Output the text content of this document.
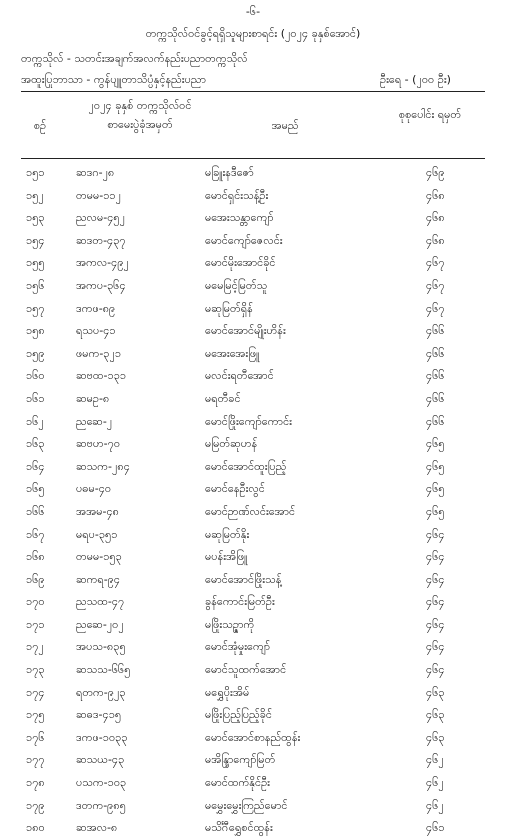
-၆-
တက္ကသိုလ်ဝင်ခွင့်ရရှိသူများစာရင်း (၂၀၂၄ ခုနှစ်အောင်)
တက္ကသိုလ် - သတင်းအချက်အလက်နည်းပညာတက္ကသိုလ်
အထူးပြုဘာသာ - ကွန်ပျူတာသိပ္ပံနှင့်နည်းပညာ	ဦးရေ - (၂၀၀ ဦး)
စဉ်
၂၀၂၄ ခုနှစ် တက္ကသိုလ်ဝင် စာမေးပွဲခုံအမှတ်	အမည်
စုစုပေါင်း ရမှတ်
၁၅၁	ဆဒဂ-၂၈	မခြူးနဒီဇော်	၄၆၉
၁၅၂	တမမ-၁၁၂	မောင်ရှင်းသန့်ဦး	၄၆၈
၁၅၃	ညလမ-၄၅၂	မအေးသန္တာကျော်	၄၆၈
၁၅၄	ဆဒတ-၄၃၇	မောင်ကျော်ဇေလင်း	၄၆၈
၁၅၅	အကလ-၄၉၂	မောင်မိုးအောင်ခိုင်	၄၆၇
၁၅၆	အကပ-၃၆၄	မမေမြင့်မြတ်သူ	၄၆၇
၁၅၇	ဒကဖ-၈၉	မဆုမြတ်ရှိန်	၄၆၇
၁၅၈	ရသပ-၄၁	မောင်အောင်မျိုးဟိန်း	၄၆၆
၁၅၉	ဖမက-၃၂၁	မအေးအေးဖြူ	၄၆၆
၁၆၀	ဆဗထ-၁၃၁	မလင်းရတီအောင်	၄၆၆
၁၆၁	ဆမဥ-၈	မရတီခင်	၄၆၆
၁၆၂	ညဆေ-၂	မောင်ဖြိုးကျော်ကောင်း	၄၆၆
၁၆၃	ဆဗဟ-၇၀	မမြတ်ဆုဟန်	၄၆၅
၁၆၄	ဆသက-၂၈၄	မောင်အောင်ထူးပြည့်	၄၆၅
၁၆၅	ပဓမ-၄၀	မောင်နေဦးလွင်	၄၆၅
၁၆၆	အအမ-၄၈	မောင်ဉာဏ်လင်းအောင်	၄၆၅
၁၆၇	မရပ-၃၅၁	မဆုမြတ်နိုး	၄၆၄
၁၆၈	တမမ-၁၅၃	မပန်းအိဖြူ	၄၆၄
၁၆၉	ဆကရ-၉၄	မောင်အောင်ဖြိုးသန့်	၄၆၄
၁၇၀	ညသထ-၄၇	ခွန်ကောင်းမြတ်ဦး	၄၆၄
၁၇၁	ညဆေ-၂၀၂	မဖြိုးသဉ္ဇာကို	၄၆၄
၁၇၂	အပသ-၈၃၅	မောင်အုံမှုးကျော်	၄၆၄
၁၇၃	ဆသသ-၆၆၅	မောင်သူထက်အောင်	၄၆၄
၁၇၄	ရတက-၉၂၃	မရွှေပိုးအိမ်	၄၆၃
၁၇၅	ဆဓဒ-၄၁၅	မဖြိုးပြည့်ပြည့်ခိုင်	၄၆၃
၁၇၆	ဒကဖ-၁၀၃၃	မောင်အောင်စာနည်ထွန်း	၄၆၃
၁၇၇	ဆသယ-၄၃	မအိန္ဒြာကျော်မြတ်	၄၆၂
၁၇၈	ပသက-၁၀၃	မောင်ထက်နိုင်ဦး	၄၆၂
၁၇၉	ဒတက-၉၈၅	မမွှေးမွှေးကြည်မောင်	၄၆၂
၁၈၀	ဆအလ-၈	မသိင်္ဂီရွှေစင်ထွန်း	၄၆၁
